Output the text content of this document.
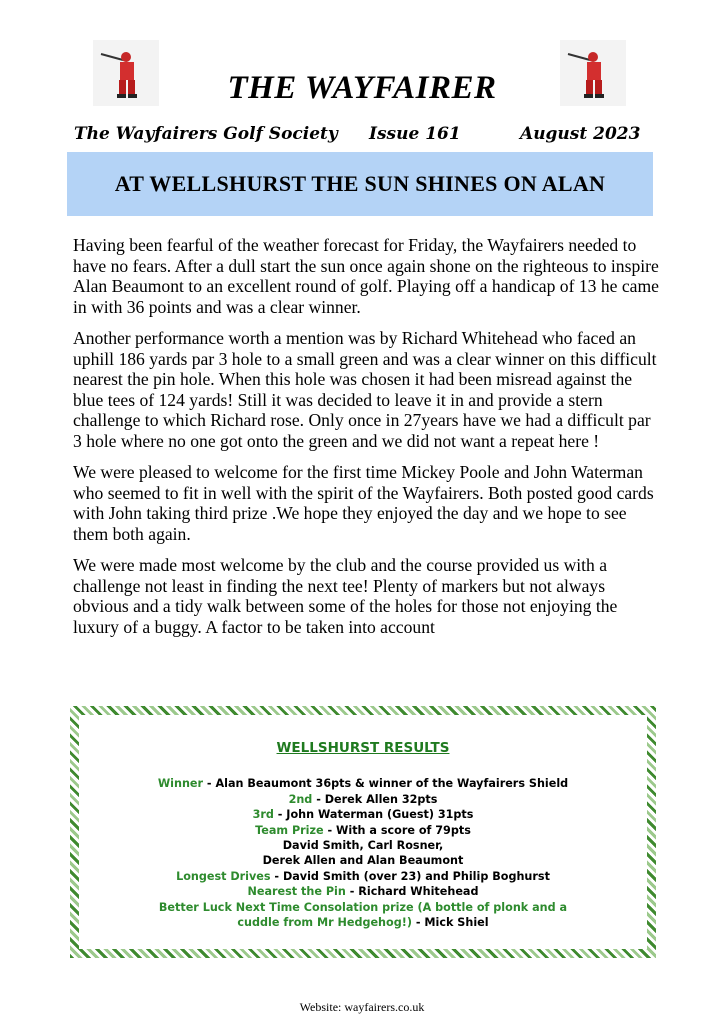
THE WAYFAIRER
The Wayfairers Golf Society Issue 161	August 2023
AT WELLSHURST THE SUN SHINES ON ALAN

Having been fearful of the weather forecast for Friday, the Wayfairers needed to have no fears. After a dull start the sun once again shone on the righteous to inspire Alan Beaumont to an excellent round of golf. Playing off a handicap of 13 he came in with 36 points and was a clear winner.

Another performance worth a mention was by Richard Whitehead who faced an uphill 186 yards par 3 hole to a small green and was a clear winner on this difficult nearest the pin hole. When this hole was chosen it had been misread against the blue tees of 124 yards! Still it was decided to leave it in and provide a stern challenge to which Richard rose. Only once in 27years have we had a difficult par 3 hole where no one got onto the green and we did not want a repeat here !

We were pleased to welcome for the first time Mickey Poole and John Waterman who seemed to fit in well with the spirit of the Wayfairers. Both posted good cards with John taking third prize .We hope they enjoyed the day and we hope to see them both again.

We were made most welcome by the club and the course provided us with a challenge not least in finding the next tee! Plenty of markers but not always obvious and a tidy walk between some of the holes for those not enjoying the luxury of a buggy. A factor to be taken into account

WELLSHURST RESULTS
Winner - Alan Beaumont 36pts & winner of the Wayfairers Shield
2nd - Derek Allen 32pts
3rd - John Waterman (Guest) 31pts
Team Prize - With a score of 79pts
David Smith, Carl Rosner,
Derek Allen and Alan Beaumont
Longest Drives - David Smith (over 23) and Philip Boghurst
Nearest the Pin - Richard Whitehead
Better Luck Next Time Consolation prize (A bottle of plonk and a
cuddle from Mr Hedgehog!) - Mick Shiel
Website: wayfairers.co.uk
